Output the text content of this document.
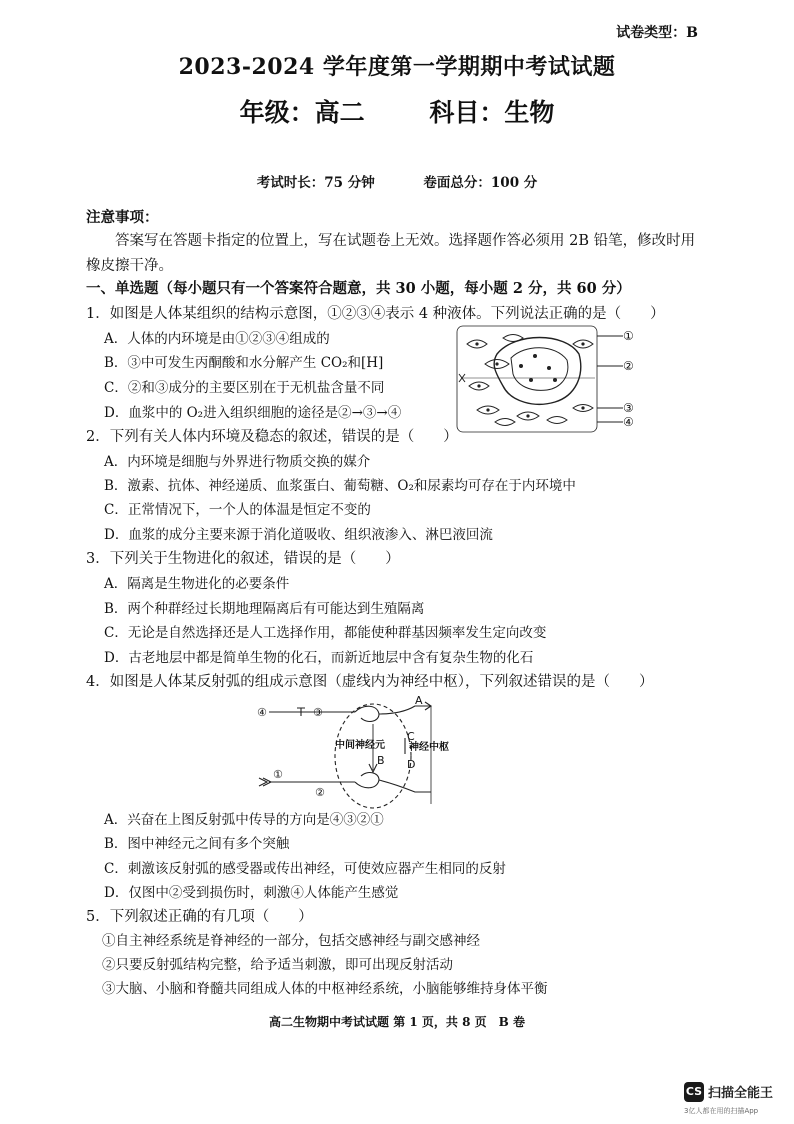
试卷类型：B
2023-2024 学年度第一学期期中考试试题
年级：高二	科目：生物
考试时长：75 分钟	卷面总分：100 分
注意事项：
答案写在答题卡指定的位置上，写在试题卷上无效。选择题作答必须用 2B 铅笔，修改时用橡皮擦干净。
一、单选题（每小题只有一个答案符合题意，共 30 小题，每小题 2 分，共 60 分）
1．如图是人体某组织的结构示意图，①②③④表示 4 种液体。下列说法正确的是（　　）
A．人体的内环境是由①②③④组成的
B．③中可发生丙酮酸和水分解产生 CO₂和[H]
C．②和③成分的主要区别在于无机盐含量不同
D．血浆中的 O₂进入组织细胞的途径是②→③→④
①
②
③
④
2．下列有关人体内环境及稳态的叙述，错误的是（　　）
A．内环境是细胞与外界进行物质交换的媒介
B．激素、抗体、神经递质、血浆蛋白、葡萄糖、O₂和尿素均可存在于内环境中
C．正常情况下，一个人的体温是恒定不变的
D．血浆的成分主要来源于消化道吸收、组织液渗入、淋巴液回流
3．下列关于生物进化的叙述，错误的是（　　）
A．隔离是生物进化的必要条件
B．两个种群经过长期地理隔离后有可能达到生殖隔离
C．无论是自然选择还是人工选择作用，都能使种群基因频率发生定向改变
D．古老地层中都是简单生物的化石，而新近地层中含有复杂生物的化石
4．如图是人体某反射弧的组成示意图（虚线内为神经中枢），下列叙述错误的是（　　）
④	③
①
②
A
B
C
D
中间神经元 神经中枢
A．兴奋在上图反射弧中传导的方向是④③②①
B．图中神经元之间有多个突触
C．刺激该反射弧的感受器或传出神经，可使效应器产生相同的反射
D．仅图中②受到损伤时，刺激④人体能产生感觉
5．下列叙述正确的有几项（　　）
①自主神经系统是脊神经的一部分，包括交感神经与副交感神经
②只要反射弧结构完整，给予适当刺激，即可出现反射活动
③大脑、小脑和脊髓共同组成人体的中枢神经系统，小脑能够维持身体平衡
高二生物期中考试试题 第 1 页，共 8 页　B 卷
CS 扫描全能王
3亿人都在用的扫描App
